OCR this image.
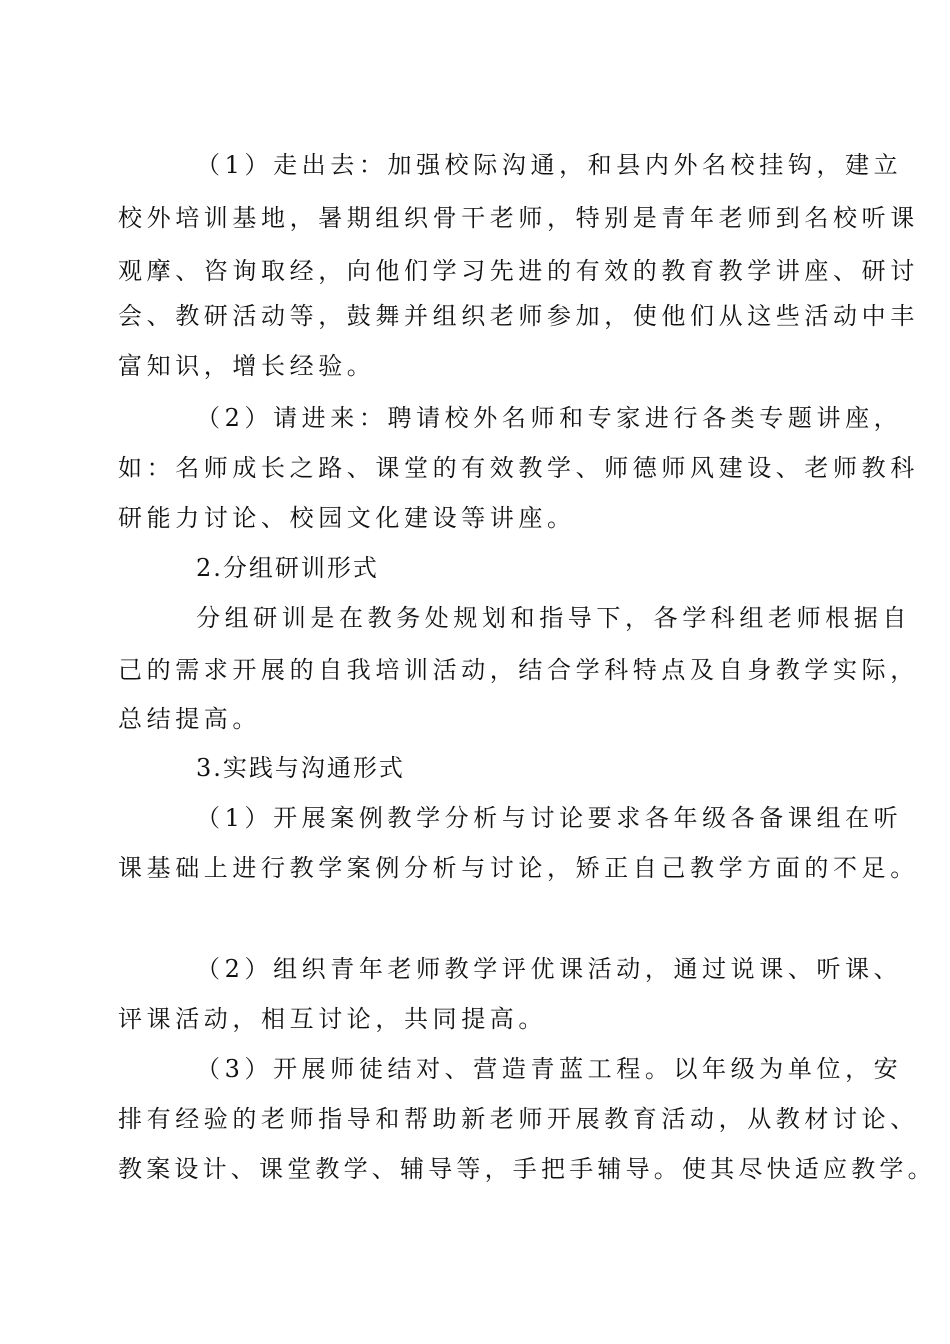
（1）走出去：加强校际沟通，和县内外名校挂钩，建立
校外培训基地，暑期组织骨干老师，特别是青年老师到名校听课
观摩、咨询取经，向他们学习先进的有效的教育教学讲座、研讨
会、教研活动等，鼓舞并组织老师参加，使他们从这些活动中丰
富知识，增长经验。
（2）请进来：聘请校外名师和专家进行各类专题讲座，
如：名师成长之路、课堂的有效教学、师德师风建设、老师教科
研能力讨论、校园文化建设等讲座。
2.分组研训形式
分组研训是在教务处规划和指导下，各学科组老师根据自
己的需求开展的自我培训活动，结合学科特点及自身教学实际，
总结提高。
3.实践与沟通形式
（1）开展案例教学分析与讨论要求各年级各备课组在听
课基础上进行教学案例分析与讨论，矫正自己教学方面的不足。
（2）组织青年老师教学评优课活动，通过说课、听课、
评课活动，相互讨论，共同提高。
（3）开展师徒结对、营造青蓝工程。以年级为单位，安
排有经验的老师指导和帮助新老师开展教育活动，从教材讨论、
教案设计、课堂教学、辅导等，手把手辅导。使其尽快适应教学。
